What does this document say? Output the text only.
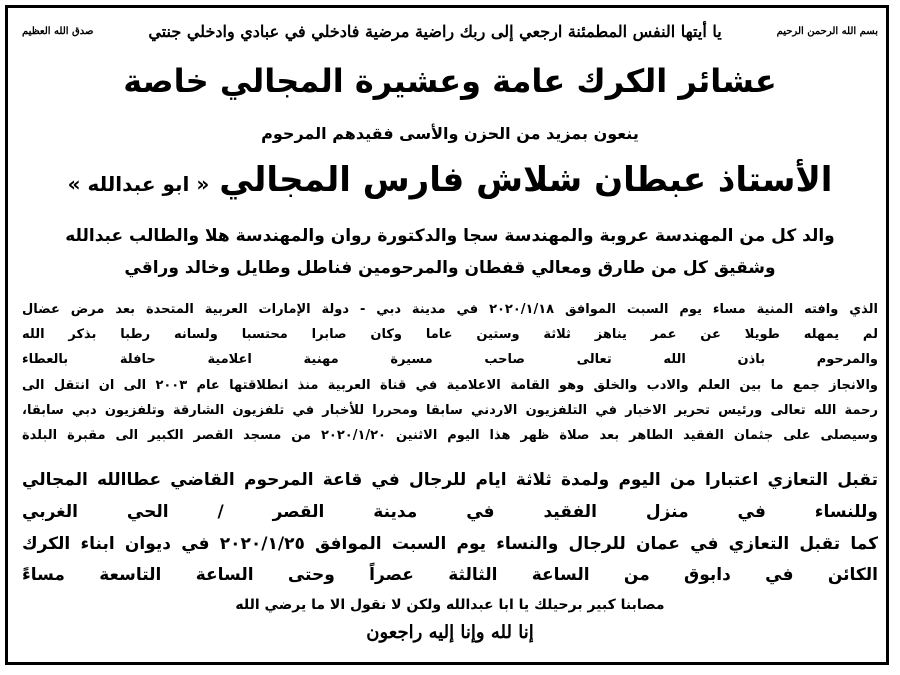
بسم الله الرحمن الرحيم
يا أيتها النفس المطمئنة ارجعي إلى ربك راضية مرضية فادخلي في عبادي وادخلي جنتي
صدق الله العظيم
عشائر الكرك عامة وعشيرة المجالي خاصة
ينعون بمزيد من الحزن والأسى فقيدهم المرحوم
الأستاذ عبطان شلاش فارس المجالي« ابو عبدالله »
والد كل من المهندسة عروبة والمهندسة سجا والدكتورة روان والمهندسة هلا والطالب عبدالله
وشقيق كل من طارق ومعالي قفطان والمرحومين فناطل وطايل وخالد وراقي
الذي وافته المنية مساء يوم السبت الموافق ٢٠٢٠/١/١٨ في مدينة دبي - دولة الإمارات العربية المتحدة بعد مرض عضال
لم يمهله طويلا عن عمر يناهز ثلاثة وستين عاما وكان صابرا محتسبا ولسانه رطبا بذكر الله
والمرحوم باذن الله تعالى صاحب مسيرة مهنية اعلامية حافلة بالعطاء
والانجاز جمع ما بين العلم والادب والخلق وهو القامة الاعلامية في قناة العربية منذ انطلاقتها عام ٢٠٠٣ الى ان انتقل الى
رحمة الله تعالى ورئيس تحرير الاخبار في التلفزيون الاردني سابقا ومحررا للأخبار في تلفزيون الشارقة وتلفزيون دبي سابقا،
وسيصلى على جثمان الفقيد الطاهر بعد صلاة ظهر هذا اليوم الاثنين ٢٠٢٠/١/٢٠ من مسجد القصر الكبير الى مقبرة البلدة
تقبل التعازي اعتبارا من اليوم ولمدة ثلاثة ايام للرجال في قاعة المرحوم القاضي عطاالله المجالي
وللنساء في منزل الفقيد في مدينة القصر / الحي الغربي
كما تقبل التعازي في عمان للرجال والنساء يوم السبت الموافق ٢٠٢٠/١/٢٥ في ديوان ابناء الكرك
الكائن في دابوق من الساعة الثالثة عصراً وحتى الساعة التاسعة مساءً
مصابنا كبير برحيلك يا ابا عبدالله ولكن لا نقول الا ما يرضي الله
إنا لله وإنا إليه راجعون
